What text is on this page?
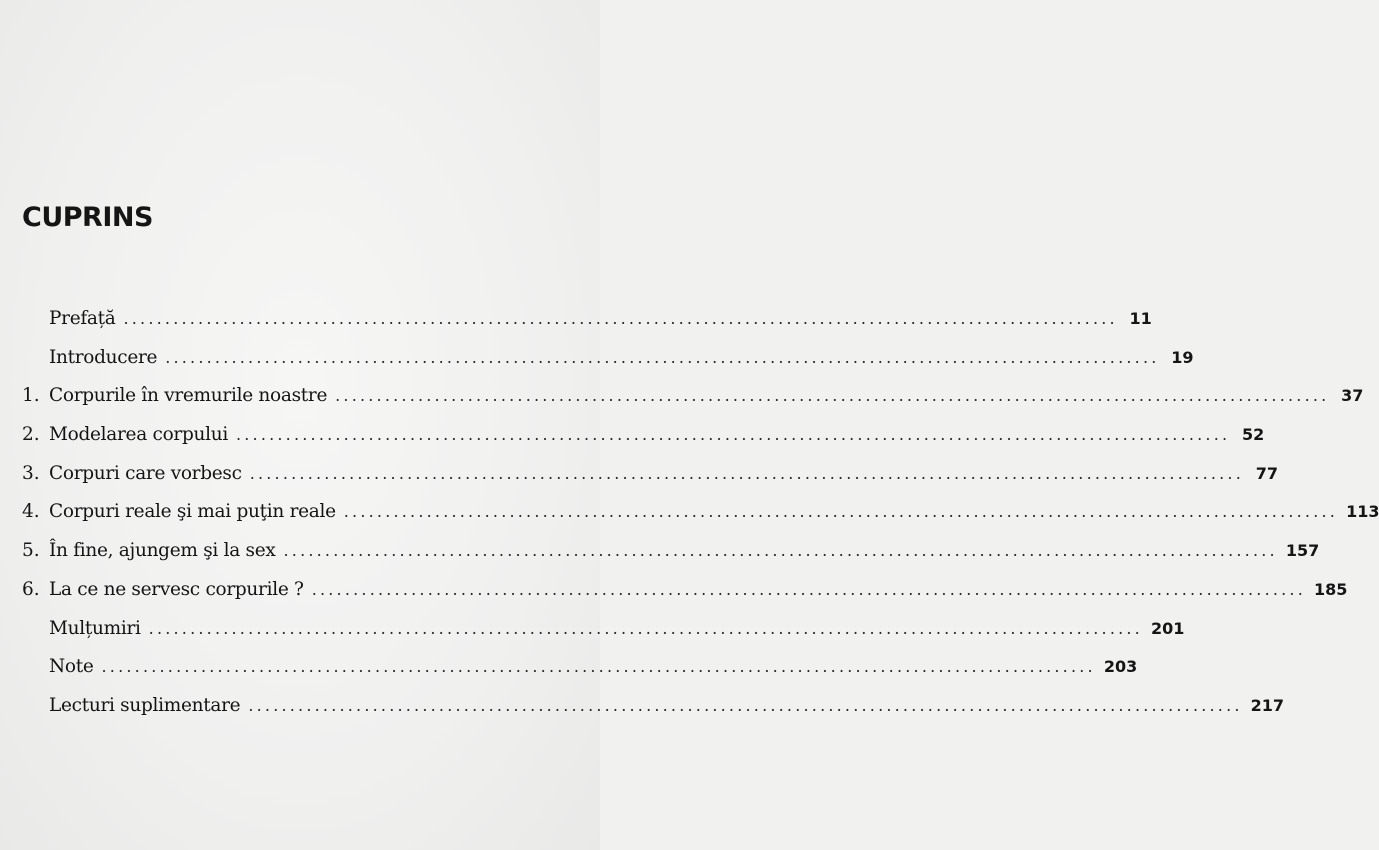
CUPRINS
Prefață ........................................................................................................................ 11
Introducere ........................................................................................................................ 19
1. Corpurile în vremurile noastre ........................................................................................................................ 37
2. Modelarea corpului ........................................................................................................................ 52
3. Corpuri care vorbesc ........................................................................................................................ 77
4. Corpuri reale şi mai puţin reale ........................................................................................................................ 113
5. În fine, ajungem şi la sex ........................................................................................................................ 157
6. La ce ne servesc corpurile ? ........................................................................................................................ 185
Mulțumiri ........................................................................................................................ 201
Note ........................................................................................................................ 203
Lecturi suplimentare ........................................................................................................................ 217
